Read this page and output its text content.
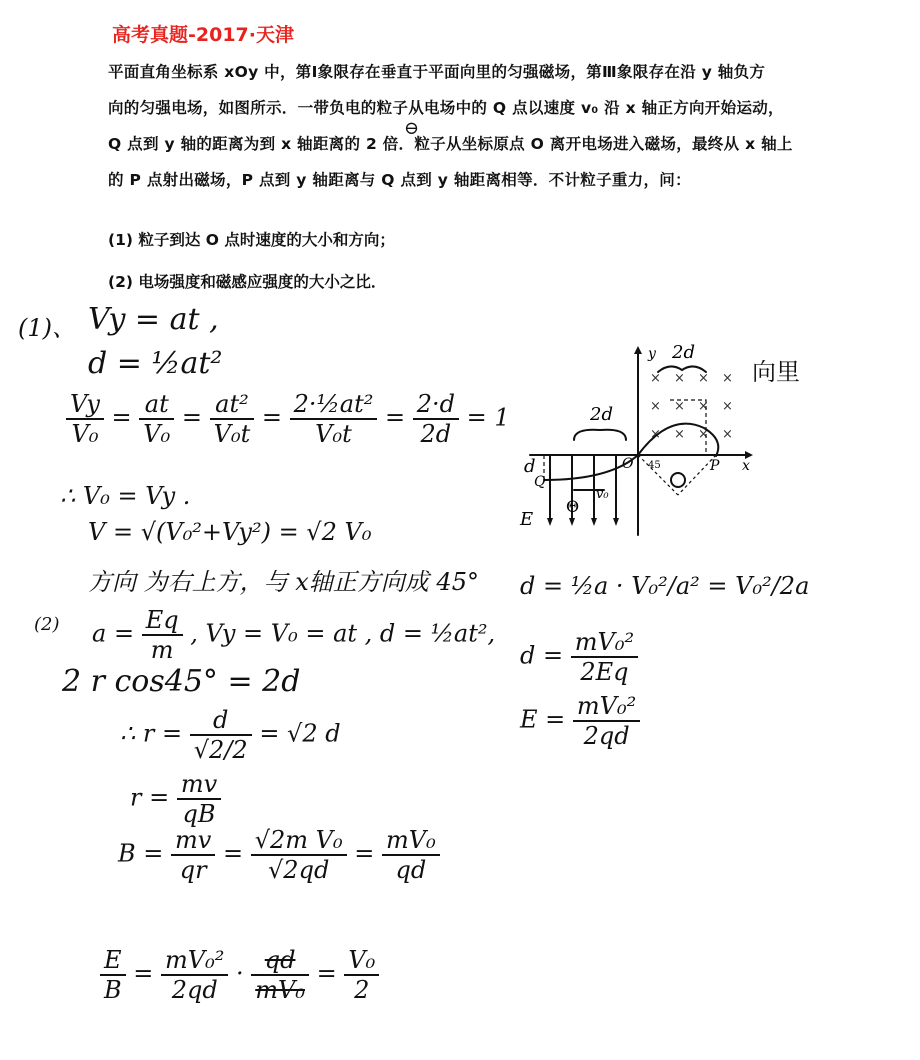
高考真题-2017·天津

平面直角坐标系 xOy 中，第Ⅰ象限存在垂直于平面向里的匀强磁场，第Ⅲ象限存在沿 y 轴负方

向的匀强电场，如图所示．一带负电的粒子从电场中的 Q 点以速度 v₀ 沿 x 轴正方向开始运动，

Q 点到 y 轴的距离为到 x 轴距离的 2 倍．粒子从坐标原点 O 离开电场进入磁场，最终从 x 轴上

的 P 点射出磁场，P 点到 y 轴距离与 Q 点到 y 轴距离相等．不计粒子重力，问：

⊖
(1) 粒子到达 O 点时速度的大小和方向；
(2) 电场强度和磁感应强度的大小之比．
(1)、 Vy = at ,
d = ½at²
$\frac{Vy}{\text{V₀}} = \frac{at}{\text{V₀}} = \frac{\text{at²}}{\text{V₀t}} = \frac{\text{2·½at²}}{\text{V₀t}} = \frac{2\cdot d}{2d} = 1$
∴ V₀ = Vy .
V = √(V₀²+Vy²) = √2 V₀
方向 为右上方，与 x轴正方向成 45°
(2) $a = \frac{Eq}{m}$ , Vy = V₀ = at , d = ½at²,
2 r cos45° = 2d
∴ $r = \frac{d}{√2/2} = √2$ d
$r = \frac{mv}{qB}$
$B = \frac{mv}{qr} = \frac{\text{√2m V₀}}{√2qd} = \frac{\text{mV₀}}{qd}$
$\frac{E}{B} = \frac{\text{mV₀²}}{2qd} \cdot \frac{qd}{\text{mV₀}} = \frac{\text{V₀}}{2}$
向里
d = ½a · V₀²/a² = V₀²/2a
$d = \frac{\text{mV₀²}}{2Eq}$
$E = \frac{\text{mV₀²}}{2qd}$
y
x
O
E
× × × ×
× × × ×
× × × ×
Q
P
v₀
Θ
2d
2d
d	45
